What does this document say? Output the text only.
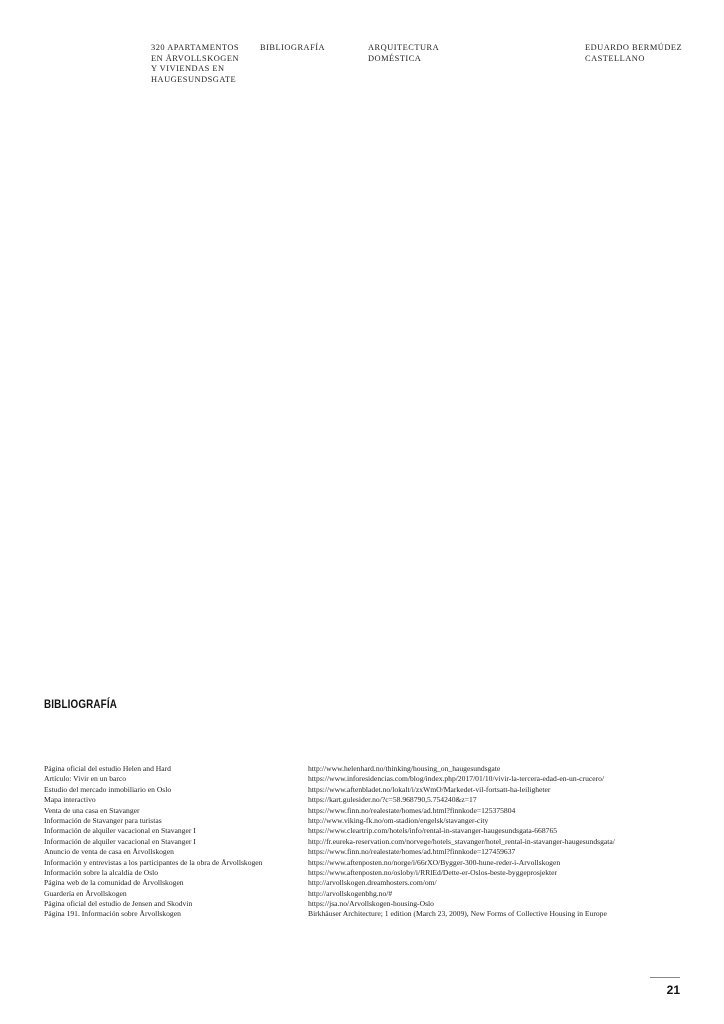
320 APARTAMENTOS
EN ÅRVOLLSKOGEN
Y VIVIENDAS EN
HAUGESUNDSGATE
BIBLIOGRAFÍA	ARQUITECTURA
DOMÉSTICA
EDUARDO BERMÚDEZ
CASTELLANO
BIBLIOGRAFÍA
Página oficial del estudio Helen and Hard	http://www.helenhard.no/thinking/housing_on_haugesundsgate
Artículo: Vivir en un barco	https://www.inforesidencias.com/blog/index.php/2017/01/10/vivir-la-tercera-edad-en-un-crucero/
Estudio del mercado inmobiliario en Oslo	https://www.aftenbladet.no/lokalt/i/zxWmO/Markedet-vil-fortsatt-ha-leiligheter
Mapa interactivo	https://kart.gulesider.no/?c=58.968790,5.754240&z=17
Venta de una casa en Stavanger	https://www.finn.no/realestate/homes/ad.html?finnkode=125375804
Información de Stavanger para turistas	http://www.viking-fk.no/om-stadion/engelsk/stavanger-city
Información de alquiler vacacional en Stavanger I	https://www.cleartrip.com/hotels/info/rental-in-stavanger-haugesundsgata-668765
Información de alquiler vacacional en Stavanger I	http://fr.eureka-reservation.com/norvege/hotels_stavanger/hotel_rental-in-stavanger-haugesundsgata/
Anuncio de venta de casa en Årvollskogen	https://www.finn.no/realestate/homes/ad.html?finnkode=127459637
Información y entrevistas a los participantes de la obra de Årvollskogen	https://www.aftenposten.no/norge/i/66rXO/Bygger-300-hune-reder-i-Arvollskogen
Información sobre la alcaldía de Oslo	https://www.aftenposten.no/osloby/i/RRlEd/Dette-er-Oslos-beste-byggeprosjekter
Página web de la comunidad de Årvollskogen	http://arvollskogen.dreamhosters.com/om/
Guardería en Årvollskogen	http://arvollskogenbhg.no/#
Página oficial del estudio de Jensen and Skodvin	https://jsa.no/Arvollskogen-housing-Oslo
Página 191. Información sobre Årvollskogen	Birkhäuser Architecture; 1 edition (March 23, 2009), New Forms of Collective Housing in Europe
21
